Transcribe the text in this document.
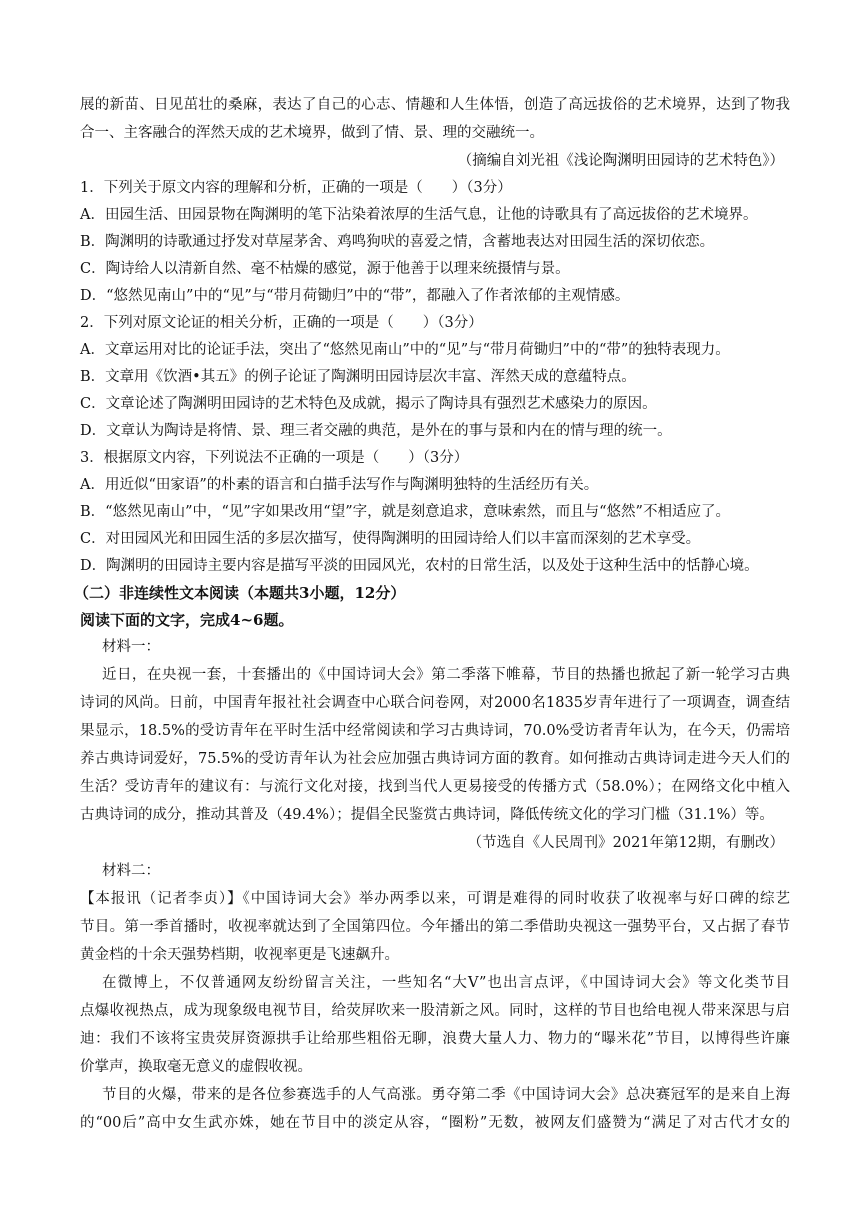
展的新苗、日见茁壮的桑麻，表达了自己的心志、情趣和人生体悟，创造了高远拔俗的艺术境界，达到了物我
合一、主客融合的浑然天成的艺术境界，做到了情、景、理的交融统一。
（摘编自刘光祖《浅论陶渊明田园诗的艺术特色》）
1．下列关于原文内容的理解和分析，正确的一项是（　　）（3分）
A．田园生活、田园景物在陶渊明的笔下沾染着浓厚的生活气息，让他的诗歌具有了高远拔俗的艺术境界。
B．陶渊明的诗歌通过抒发对草屋茅舍、鸡鸣狗吠的喜爱之情，含蓄地表达对田园生活的深切依恋。
C．陶诗给人以清新自然、毫不枯燥的感觉，源于他善于以理来统摄情与景。
D．“悠然见南山”中的“见”与“带月荷锄归”中的“带”，都融入了作者浓郁的主观情感。
2．下列对原文论证的相关分析，正确的一项是（　　）（3分）
A．文章运用对比的论证手法，突出了“悠然见南山”中的“见”与“带月荷锄归”中的“带”的独特表现力。
B．文章用《饮酒•其五》的例子论证了陶渊明田园诗层次丰富、浑然天成的意蕴特点。
C．文章论述了陶渊明田园诗的艺术特色及成就，揭示了陶诗具有强烈艺术感染力的原因。
D．文章认为陶诗是将情、景、理三者交融的典范，是外在的事与景和内在的情与理的统一。
3．根据原文内容，下列说法不正确的一项是（　　）（3分）
A．用近似“田家语”的朴素的语言和白描手法写作与陶渊明独特的生活经历有关。
B．“悠然见南山”中，“见”字如果改用“望”字，就是刻意追求，意味索然，而且与“悠然”不相适应了。
C．对田园风光和田园生活的多层次描写，使得陶渊明的田园诗给人们以丰富而深刻的艺术享受。
D．陶渊明的田园诗主要内容是描写平淡的田园风光，农村的日常生活，以及处于这种生活中的恬静心境。
（二）非连续性文本阅读（本题共3小题，12分）
阅读下面的文字，完成4~6题。
材料一：
近日，在央视一套，十套播出的《中国诗词大会》第二季落下帷幕，节目的热播也掀起了新一轮学习古典
诗词的风尚。日前，中国青年报社社会调查中心联合问卷网，对2000名1835岁青年进行了一项调查，调查结
果显示，18.5%的受访青年在平时生活中经常阅读和学习古典诗词，70.0%受访者青年认为，在今天，仍需培
养古典诗词爱好，75.5%的受访青年认为社会应加强古典诗词方面的教育。如何推动古典诗词走进今天人们的
生活？受访青年的建议有：与流行文化对接，找到当代人更易接受的传播方式（58.0%）；在网络文化中植入
古典诗词的成分，推动其普及（49.4%）；提倡全民鉴赏古典诗词，降低传统文化的学习门槛（31.1%）等。
（节选自《人民周刊》2021年第12期，有删改）
材料二：
【本报讯（记者李贞）】《中国诗词大会》举办两季以来，可谓是难得的同时收获了收视率与好口碑的综艺
节目。第一季首播时，收视率就达到了全国第四位。今年播出的第二季借助央视这一强势平台，又占据了春节
黄金档的十余天强势档期，收视率更是飞速飙升。
在微博上，不仅普通网友纷纷留言关注，一些知名“大V”也出言点评，《中国诗词大会》等文化类节目
点爆收视热点，成为现象级电视节目，给荧屏吹来一股清新之风。同时，这样的节目也给电视人带来深思与启
迪：我们不该将宝贵荧屏资源拱手让给那些粗俗无聊，浪费大量人力、物力的“曝米花”节目，以博得些许廉
价掌声，换取毫无意义的虚假收视。
节目的火爆，带来的是各位参赛选手的人气高涨。勇夺第二季《中国诗词大会》总决赛冠军的是来自上海
的“00后”高中女生武亦姝，她在节目中的淡定从容，“圈粉”无数，被网友们盛赞为“满足了对古代才女的
